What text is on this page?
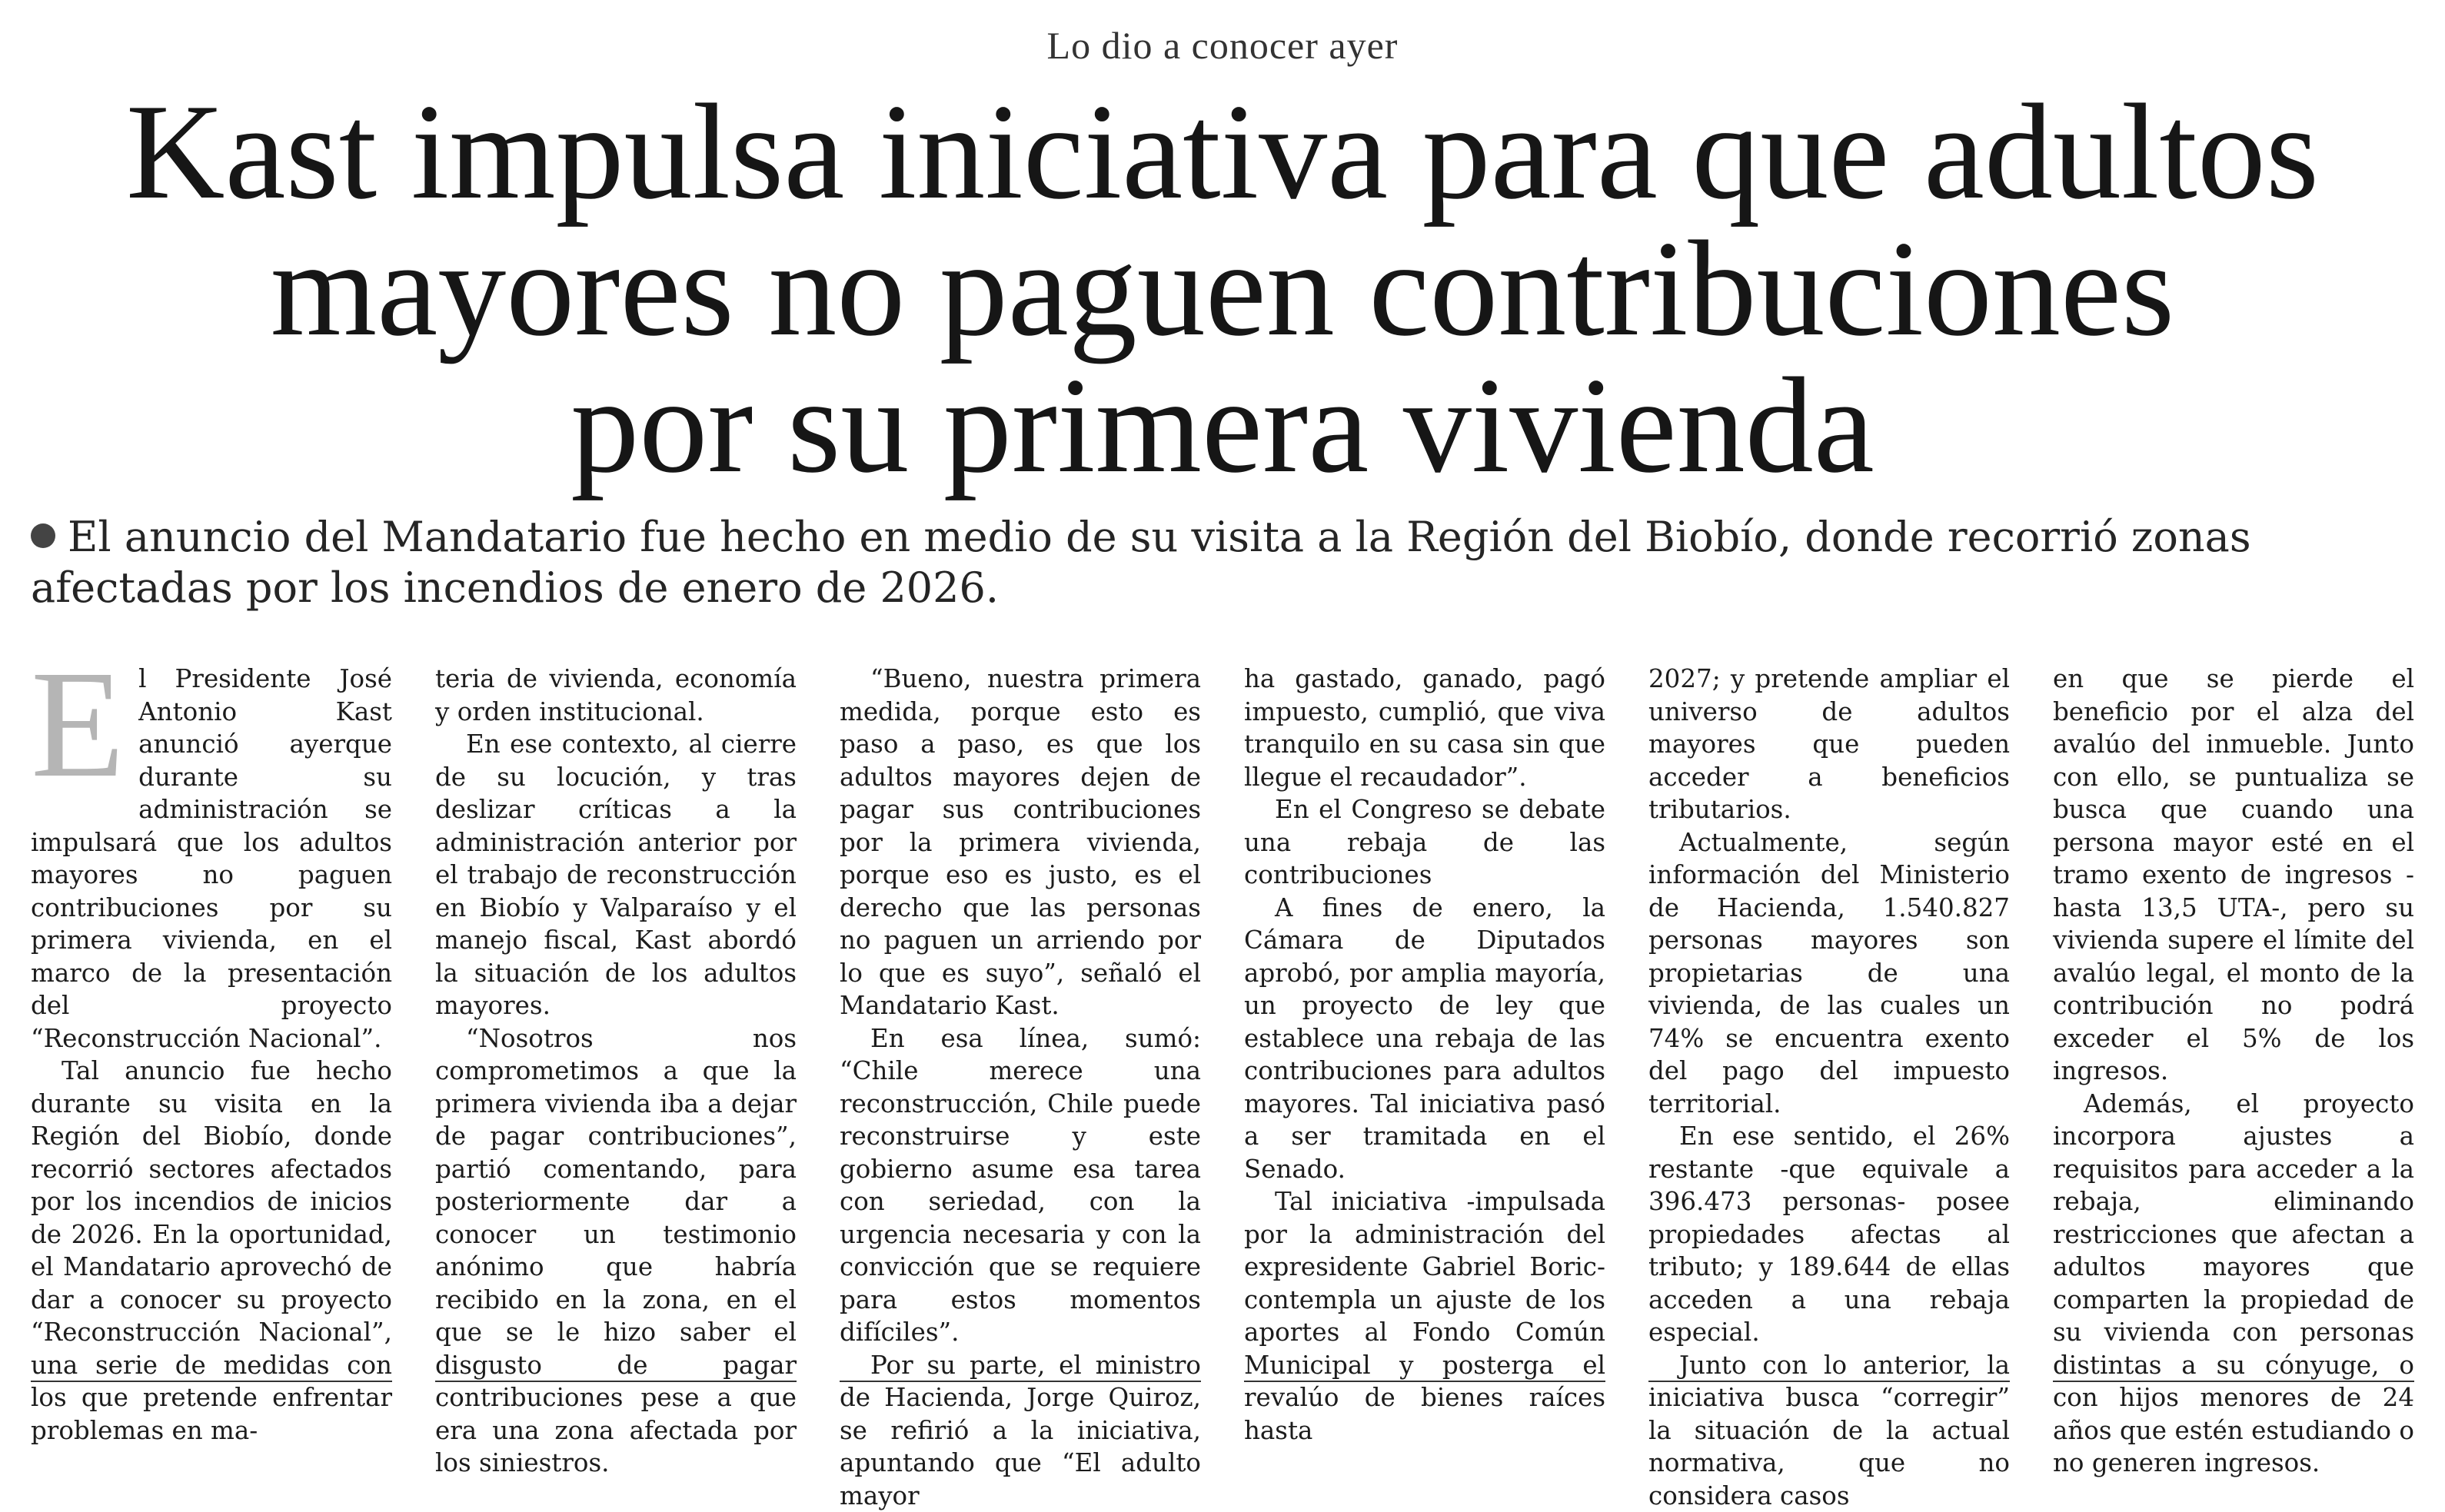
Lo dio a conocer ayer
Kast impulsa iniciativa para que adultos
mayores no paguen contribuciones
por su primera vivienda
El anuncio del Mandatario fue hecho en medio de su visita a la Región del Biobío, donde recorrió zonas afectadas por los incendios de enero de 2026.
E l Presidente José Antonio Kast anunció ayerque durante su administración se impulsará que los adultos mayores no paguen contribuciones por su primera vivienda, en el marco de la presentación del proyecto “Reconstrucción Nacional”.

Tal anuncio fue hecho durante su visita en la Región del Biobío, donde recorrió sectores afectados por los incendios de inicios de 2026. En la oportunidad, el Mandatario aprovechó de dar a conocer su proyecto “Reconstrucción Nacional”, una serie de medidas con los que pretende enfrentar problemas en ma-

teria de vivienda, economía y orden institucional.

En ese contexto, al cierre de su locución, y tras deslizar críticas a la administración anterior por el trabajo de reconstrucción en Biobío y Valparaíso y el manejo fiscal, Kast abordó la situación de los adultos mayores.

“Nosotros nos comprometimos a que la primera vivienda iba a dejar de pagar contribuciones”, partió comentando, para posteriormente dar a conocer un testimonio anónimo que habría recibido en la zona, en el que se le hizo saber el disgusto de pagar contribuciones pese a que era una zona afectada por los siniestros.

“Bueno, nuestra primera medida, porque esto es paso a paso, es que los adultos mayores dejen de pagar sus contribuciones por la primera vivienda, porque eso es justo, es el derecho que las personas no paguen un arriendo por lo que es suyo”, señaló el Mandatario Kast.

En esa línea, sumó: “Chile merece una reconstrucción, Chile puede reconstruirse y este gobierno asume esa tarea con seriedad, con la urgencia necesaria y con la convicción que se requiere para estos momentos difíciles”.

Por su parte, el ministro de Hacienda, Jorge Quiroz, se refirió a la iniciativa, apuntando que “El adulto mayor

ha gastado, ganado, pagó impuesto, cumplió, que viva tranquilo en su casa sin que llegue el recaudador”.

En el Congreso se debate una rebaja de las contribuciones

A fines de enero, la Cámara de Diputados aprobó, por amplia mayoría, un proyecto de ley que establece una rebaja de las contribuciones para adultos mayores. Tal iniciativa pasó a ser tramitada en el Senado.

Tal iniciativa -impulsada por la administración del expresidente Gabriel Boric- contempla un ajuste de los aportes al Fondo Común Municipal y posterga el revalúo de bienes raíces hasta

2027; y pretende ampliar el universo de adultos mayores que pueden acceder a beneficios tributarios.

Actualmente, según información del Ministerio de Hacienda, 1.540.827 personas mayores son propietarias de una vivienda, de las cuales un 74% se encuentra exento del pago del impuesto territorial.

En ese sentido, el 26% restante -que equivale a 396.473 personas- posee propiedades afectas al tributo; y 189.644 de ellas acceden a una rebaja especial.

Junto con lo anterior, la iniciativa busca “corregir” la situación de la actual normativa, que no considera casos

en que se pierde el beneficio por el alza del avalúo del inmueble. Junto con ello, se puntualiza se busca que cuando una persona mayor esté en el tramo exento de ingresos -hasta 13,5 UTA-, pero su vivienda supere el límite del avalúo legal, el monto de la contribución no podrá exceder el 5% de los ingresos.

Además, el proyecto incorpora ajustes a requisitos para acceder a la rebaja, eliminando restricciones que afectan a adultos mayores que comparten la propiedad de su vivienda con personas distintas a su cónyuge, o con hijos menores de 24 años que estén estudiando o no generen ingresos.
